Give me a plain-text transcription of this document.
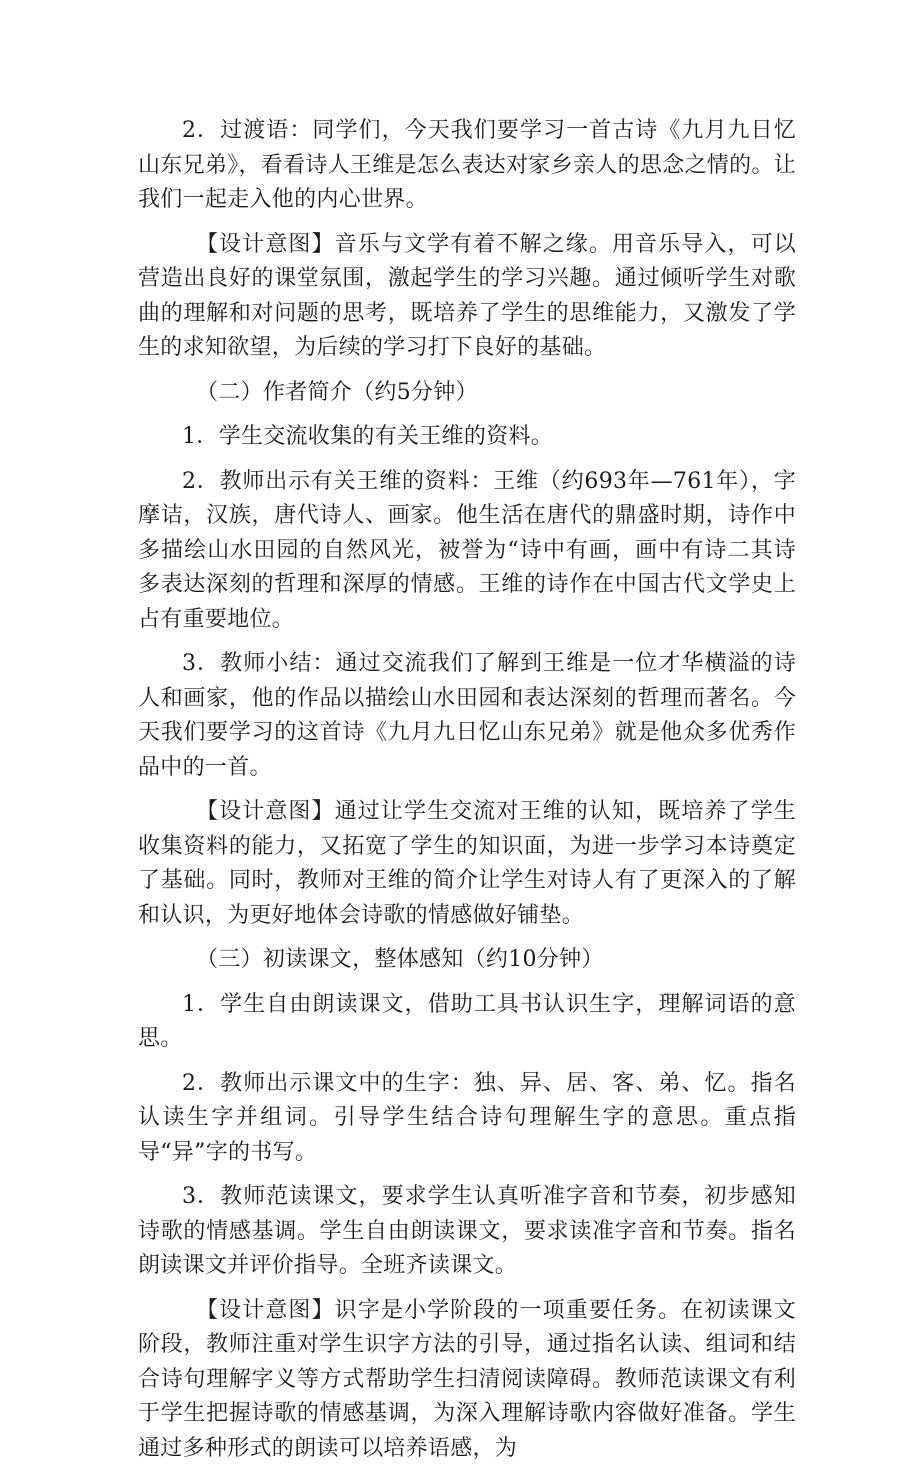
2．过渡语：同学们，今天我们要学习一首古诗《九月九日忆山东兄弟》，看看诗人王维是怎么表达对家乡亲人的思念之情的。让我们一起走入他的内心世界。

【设计意图】音乐与文学有着不解之缘。用音乐导入，可以营造出良好的课堂氛围，激起学生的学习兴趣。通过倾听学生对歌曲的理解和对问题的思考，既培养了学生的思维能力，又激发了学生的求知欲望，为后续的学习打下良好的基础。

（二）作者简介（约5分钟）

1．学生交流收集的有关王维的资料。

2．教师出示有关王维的资料：王维（约693年—761年），字摩诘，汉族，唐代诗人、画家。他生活在唐代的鼎盛时期，诗作中多描绘山水田园的自然风光，被誉为“诗中有画，画中有诗二其诗多表达深刻的哲理和深厚的情感。王维的诗作在中国古代文学史上占有重要地位。

3．教师小结：通过交流我们了解到王维是一位才华横溢的诗人和画家，他的作品以描绘山水田园和表达深刻的哲理而著名。今天我们要学习的这首诗《九月九日忆山东兄弟》就是他众多优秀作品中的一首。

【设计意图】通过让学生交流对王维的认知，既培养了学生收集资料的能力，又拓宽了学生的知识面，为进一步学习本诗奠定了基础。同时，教师对王维的简介让学生对诗人有了更深入的了解和认识，为更好地体会诗歌的情感做好铺垫。

（三）初读课文，整体感知（约10分钟）

1．学生自由朗读课文，借助工具书认识生字，理解词语的意思。

2．教师出示课文中的生字：独、异、居、客、弟、忆。指名认读生字并组词。引导学生结合诗句理解生字的意思。重点指导“异”字的书写。

3．教师范读课文，要求学生认真听准字音和节奏，初步感知诗歌的情感基调。学生自由朗读课文，要求读准字音和节奏。指名朗读课文并评价指导。全班齐读课文。

【设计意图】识字是小学阶段的一项重要任务。在初读课文阶段，教师注重对学生识字方法的引导，通过指名认读、组词和结合诗句理解字义等方式帮助学生扫清阅读障碍。教师范读课文有利于学生把握诗歌的情感基调，为深入理解诗歌内容做好准备。学生通过多种形式的朗读可以培养语感，为
